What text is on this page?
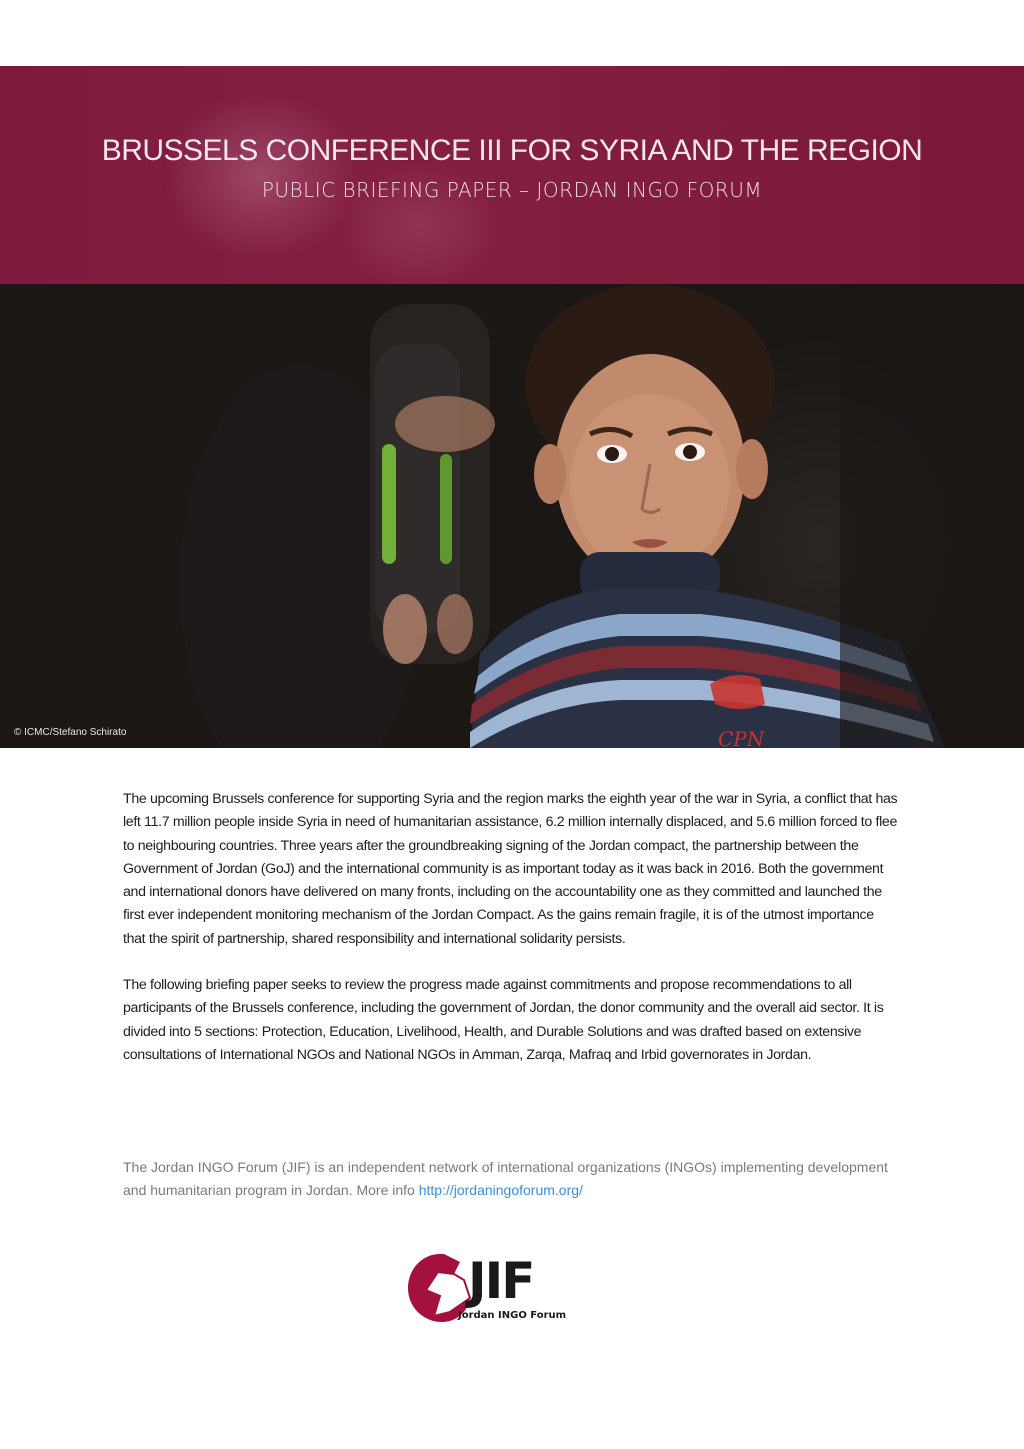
BRUSSELS CONFERENCE III FOR SYRIA AND THE REGION
PUBLIC BRIEFING PAPER – JORDAN INGO FORUM
CPN
© ICMC/Stefano Schirato

The upcoming Brussels conference for supporting Syria and the region marks the eighth year of the war in Syria, a conflict that has left 11.7 million people inside Syria in need of humanitarian assistance, 6.2 million internally displaced, and 5.6 million forced to flee to neighbouring countries. Three years after the groundbreaking signing of the Jordan compact, the partnership between the Government of Jordan (GoJ) and the international community is as important today as it was back in 2016. Both the government and international donors have delivered on many fronts, including on the accountability one as they committed and launched the first ever independent monitoring mechanism of the Jordan Compact. As the gains remain fragile, it is of the utmost importance that the spirit of partnership, shared responsibility and international solidarity persists.

The following briefing paper seeks to review the progress made against commitments and propose recommendations to all participants of the Brussels conference, including the government of Jordan, the donor community and the overall aid sector. It is divided into 5 sections: Protection, Education, Livelihood, Health, and Durable Solutions and was drafted based on extensive consultations of International NGOs and National NGOs in Amman, Zarqa, Mafraq and Irbid governorates in Jordan.

The Jordan INGO Forum (JIF) is an independent network of international organizations (INGOs) implementing development and humanitarian program in Jordan. More info http://jordaningoforum.org/
JIF
Jordan INGO Forum
